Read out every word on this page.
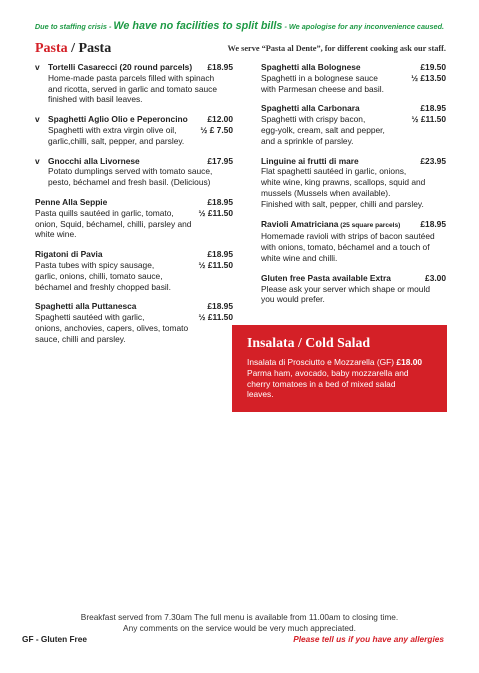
Due to staffing crisis - We have no facilities to split bills - We apologise for any inconvenience caused.
Pasta / Pasta	We serve “Pasta al Dente”, for different cooking ask our staff.
v Tortelli Casarecci (20 round parcels) £18.95
Home-made pasta parcels filled with spinach
and ricotta, served in garlic and tomato sauce
finished with basil leaves.
v Spaghetti Aglio Olio e Peperoncino £12.00
Spaghetti with extra virgin olive oil,	½ £ 7.50
garlic,chilli, salt, pepper, and parsley.
v Gnocchi alla Livornese	£17.95
Potato dumplings served with tomato sauce,
pesto, béchamel and fresh basil. (Delicious)
Penne Alla Seppie	£18.95
Pasta quills sautéed in garlic, tomato,	½ £11.50
onion, Squid, béchamel, chilli, parsley and
white wine.
Rigatoni di Pavia	£18.95
Pasta tubes with spicy sausage,	½ £11.50
garlic, onions, chilli, tomato sauce,
béchamel and freshly chopped basil.
Spaghetti alla Puttanesca	£18.95
Spaghetti sautéed with garlic,	½ £11.50
onions, anchovies, capers, olives, tomato
sauce, chilli and parsley.
Spaghetti alla Bolognese	£19.50
Spaghetti in a bolognese sauce	½ £13.50
with Parmesan cheese and basil.
Spaghetti alla Carbonara	£18.95
Spaghetti with crispy bacon,	½ £11.50
egg-yolk, cream, salt and pepper,
and a sprinkle of parsley.
Linguine ai frutti di mare	£23.95
Flat spaghetti sautéed in garlic, onions,
white wine, king prawns, scallops, squid and
mussels (Mussels when available).
Finished with salt, pepper, chilli and parsley.
Ravioli Amatriciana (25 square parcels) £18.95
Homemade ravioli with strips of bacon sautéed
with onions, tomato, béchamel and a touch of
white wine and chilli.
Gluten free Pasta available Extra	£3.00
Please ask your server which shape or mould
you would prefer.
Insalata / Cold Salad
Insalata di Prosciutto e Mozzarella (GF) £18.00
Parma ham, avocado, baby mozzarella and
cherry tomatoes in a bed of mixed salad
leaves.
Breakfast served from 7.30am The full menu is available from 11.00am to closing time.
Any comments on the service would be very much appreciated.
GF - Gluten Free	Please tell us if you have any allergies
